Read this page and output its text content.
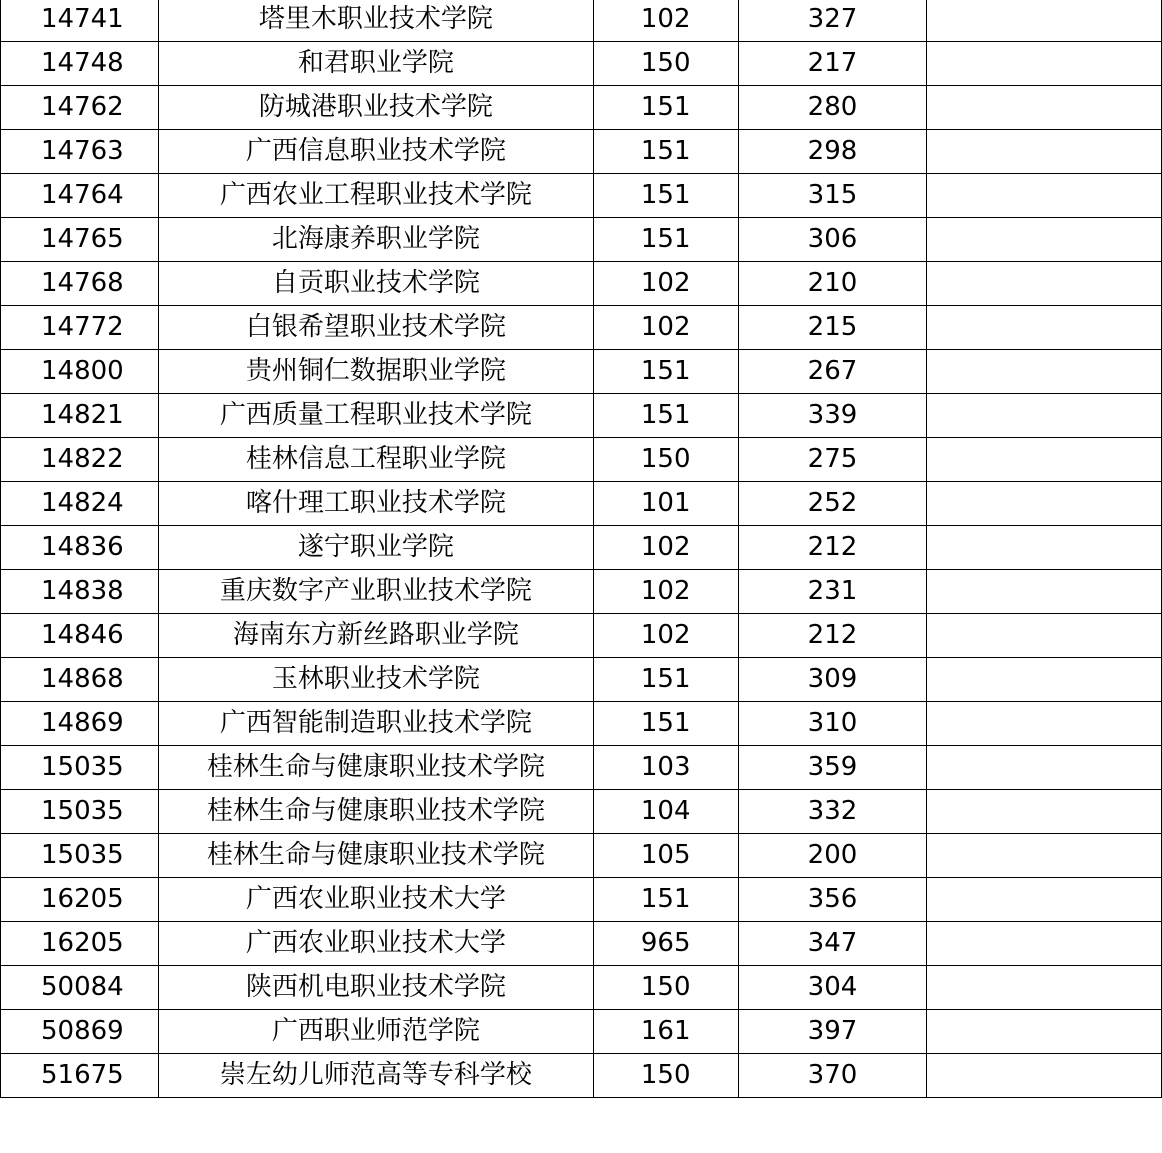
14741	塔里木职业技术学院	102	327	
14748	和君职业学院	150	217	
14762	防城港职业技术学院	151	280	
14763	广西信息职业技术学院	151	298	
14764	广西农业工程职业技术学院	151	315	
14765	北海康养职业学院	151	306	
14768	自贡职业技术学院	102	210	
14772	白银希望职业技术学院	102	215	
14800	贵州铜仁数据职业学院	151	267	
14821	广西质量工程职业技术学院	151	339	
14822	桂林信息工程职业学院	150	275	
14824	喀什理工职业技术学院	101	252	
14836	遂宁职业学院	102	212	
14838	重庆数字产业职业技术学院	102	231	
14846	海南东方新丝路职业学院	102	212	
14868	玉林职业技术学院	151	309	
14869	广西智能制造职业技术学院	151	310	
15035	桂林生命与健康职业技术学院	103	359	
15035	桂林生命与健康职业技术学院	104	332	
15035	桂林生命与健康职业技术学院	105	200	
16205	广西农业职业技术大学	151	356	
16205	广西农业职业技术大学	965	347	
50084	陕西机电职业技术学院	150	304	
50869	广西职业师范学院	161	397	
51675	崇左幼儿师范高等专科学校	150	370	
